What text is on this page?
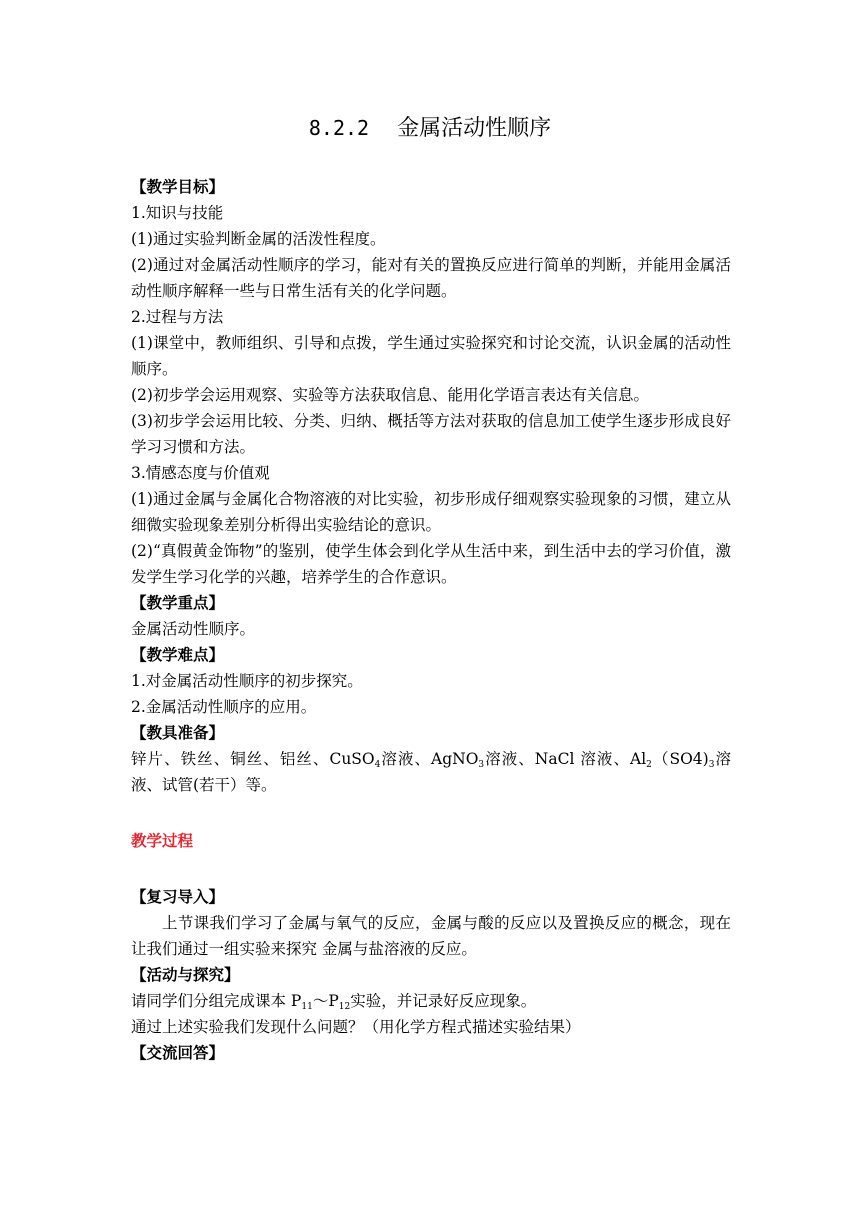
8.2.2 金属活动性顺序
【教学目标】
1.知识与技能
(1)通过实验判断金属的活泼性程度。
(2)通过对金属活动性顺序的学习，能对有关的置换反应进行简单的判断，并能用金属活动性顺序解释一些与日常生活有关的化学问题。
2.过程与方法
(1)课堂中，教师组织、引导和点拨，学生通过实验探究和讨论交流，认识金属的活动性顺序。
(2)初步学会运用观察、实验等方法获取信息、能用化学语言表达有关信息。
(3)初步学会运用比较、分类、归纳、概括等方法对获取的信息加工使学生逐步形成良好学习习惯和方法。
3.情感态度与价值观
(1)通过金属与金属化合物溶液的对比实验，初步形成仔细观察实验现象的习惯，建立从细微实验现象差别分析得出实验结论的意识。
(2)“真假黄金饰物”的鉴别，使学生体会到化学从生活中来，到生活中去的学习价值，激发学生学习化学的兴趣，培养学生的合作意识。
【教学重点】
金属活动性顺序。
【教学难点】
1.对金属活动性顺序的初步探究。
2.金属活动性顺序的应用。
【教具准备】
锌片、铁丝、铜丝、铝丝、CuSO$_4$溶液、AgNO$_3$溶液、NaCl 溶液、$Al_2(SO4)_3$溶液、试管(若干）等。
教学过程
【复习导入】
上节课我们学习了金属与氧气的反应，金属与酸的反应以及置换反应的概念，现在让我们通过一组实验来探究 金属与盐溶液的反应。
【活动与探究】
请同学们分组完成课本 $P_{11}\sim P_{12}$实验，并记录好反应现象。
通过上述实验我们发现什么问题？（用化学方程式描述实验结果）
【交流回答】
